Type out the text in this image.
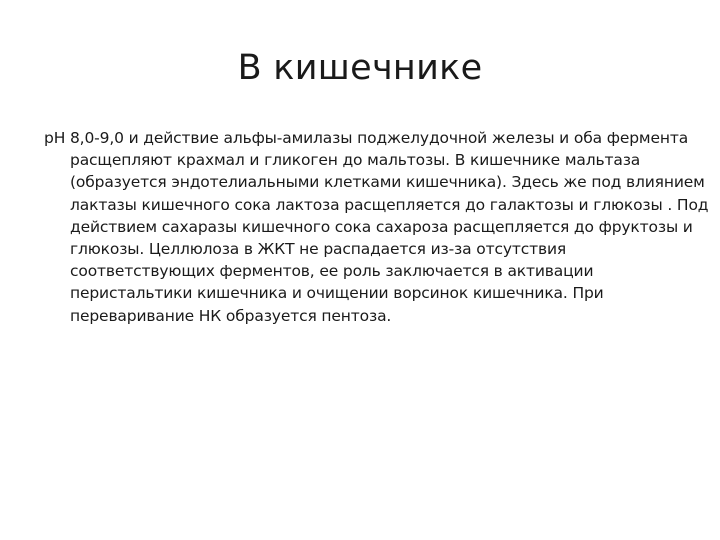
В кишечнике

рН 8,0-9,0 и действие альфы-амилазы поджелудочной железы и оба фермента расщепляют крахмал и гликоген до мальтозы. В кишечнике мальтаза (образуется эндотелиальными клетками кишечника). Здесь же под влиянием лактазы кишечного сока лактоза расщепляется до галактозы и глюкозы . Под действием сахаразы кишечного сока сахароза расщепляется до фруктозы и глюкозы. Целлюлоза в ЖКТ не распадается из-за отсутствия соответствующих ферментов, ее роль заключается в активации перистальтики кишечника и очищении ворсинок кишечника. При переваривание НК образуется пентоза.
